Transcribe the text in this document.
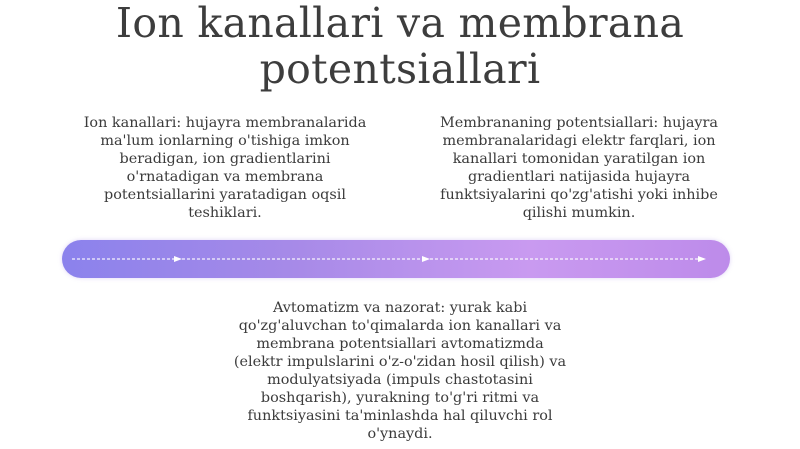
Ion kanallari va membrana
potentsiallari

Ion kanallari: hujayra membranalarida ma'lum ionlarning o'tishiga imkon beradigan, ion gradientlarini o'rnatadigan va membrana potentsiallarini yaratadigan oqsil teshiklari.

Membrananing potentsiallari: hujayra membranalaridagi elektr farqlari, ion kanallari tomonidan yaratilgan ion gradientlari natijasida hujayra funktsiyalarini qo'zg'atishi yoki inhibe qilishi mumkin.

Avtomatizm va nazorat: yurak kabi qo'zg'aluvchan to'qimalarda ion kanallari va membrana potentsiallari avtomatizmda (elektr impulslarini o'z-o'zidan hosil qilish) va modulyatsiyada (impuls chastotasini boshqarish), yurakning to'g'ri ritmi va funktsiyasini ta'minlashda hal qiluvchi rol o'ynaydi.
